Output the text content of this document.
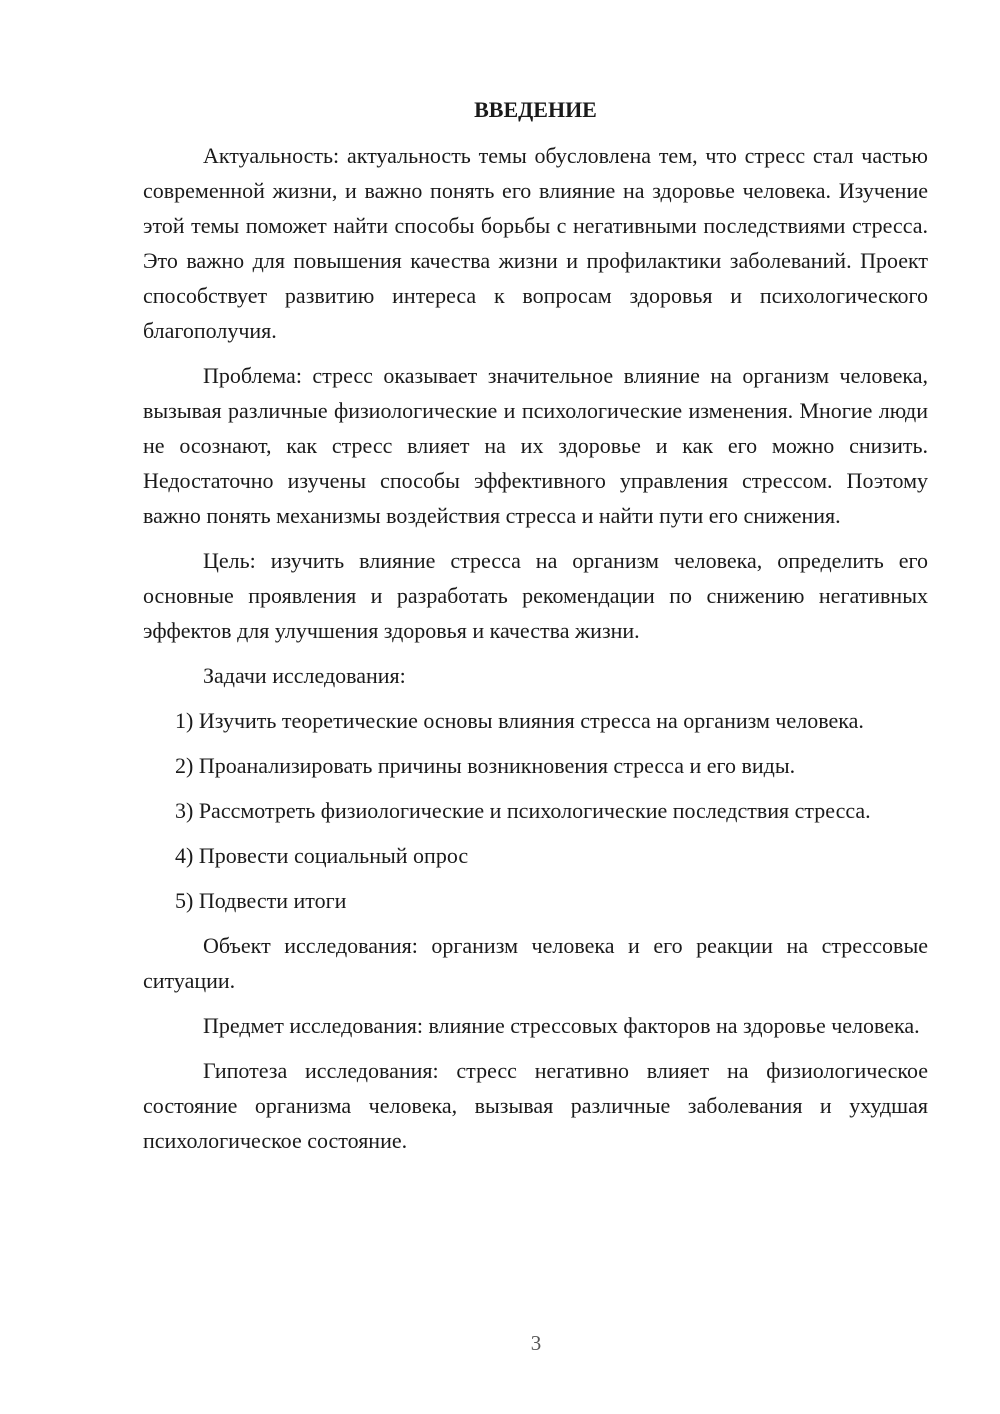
ВВЕДЕНИЕ

Актуальность: актуальность темы обусловлена тем, что стресс стал частью современной жизни, и важно понять его влияние на здоровье человека. Изучение этой темы поможет найти способы борьбы с негативными последствиями стресса. Это важно для повышения качества жизни и профилактики заболеваний. Проект способствует развитию интереса к вопросам здоровья и психологического благополучия.

Проблема: стресс оказывает значительное влияние на организм человека, вызывая различные физиологические и психологические изменения. Многие люди не осознают, как стресс влияет на их здоровье и как его можно снизить. Недостаточно изучены способы эффективного управления стрессом. Поэтому важно понять механизмы воздействия стресса и найти пути его снижения.

Цель: изучить влияние стресса на организм человека, определить его основные проявления и разработать рекомендации по снижению негативных эффектов для улучшения здоровья и качества жизни.

Задачи исследования:

1) Изучить теоретические основы влияния стресса на организм человека.

2) Проанализировать причины возникновения стресса и его виды.

3) Рассмотреть физиологические и психологические последствия стресса.

4) Провести социальный опрос

5) Подвести итоги

Объект исследования: организм человека и его реакции на стрессовые ситуации.

Предмет исследования: влияние стрессовых факторов на здоровье человека.

Гипотеза исследования: стресс негативно влияет на физиологическое состояние организма человека, вызывая различные заболевания и ухудшая психологическое состояние.

3
